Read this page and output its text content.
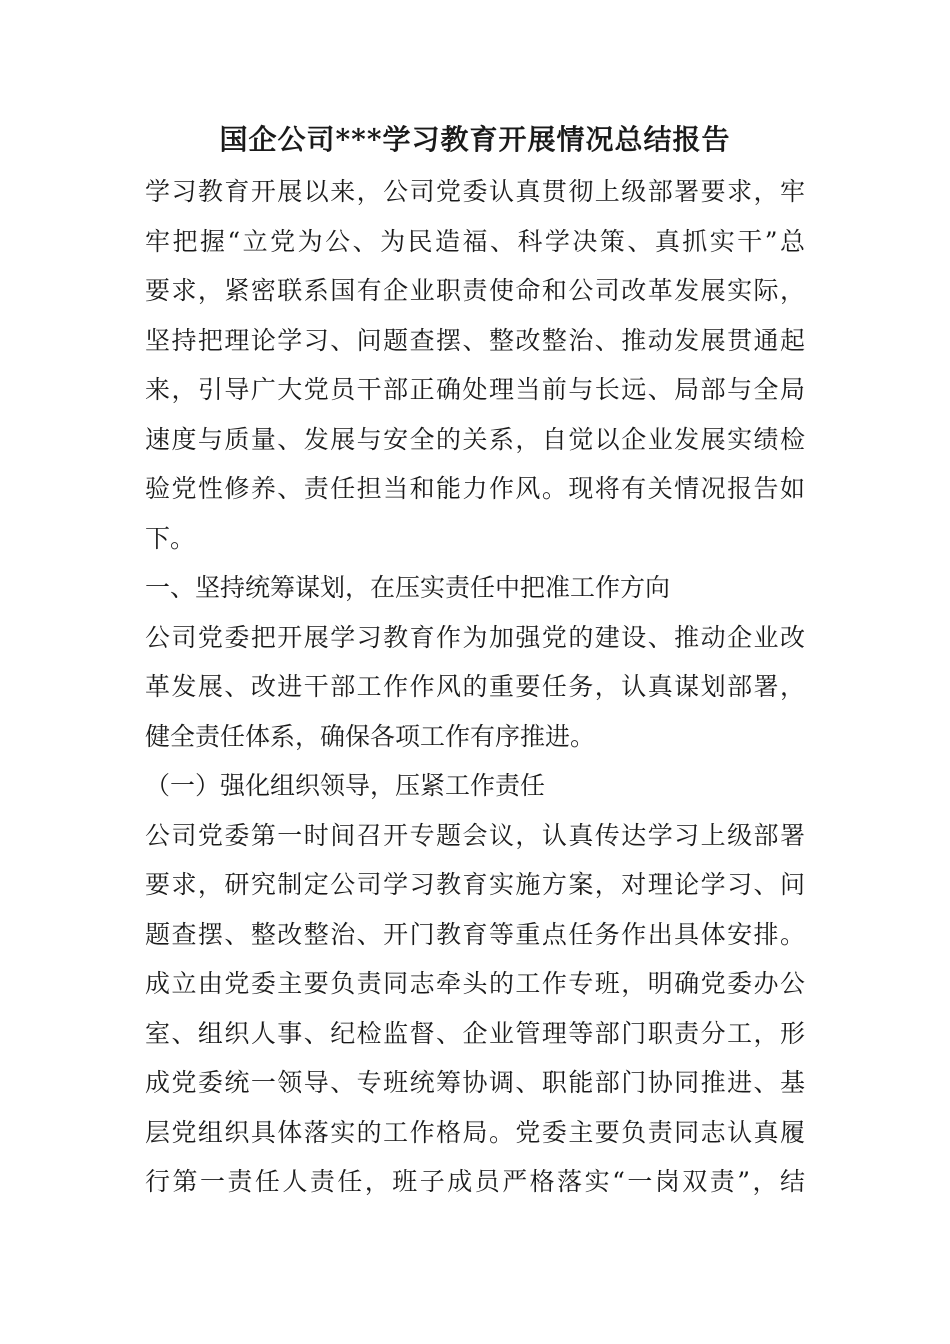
国企公司***学习教育开展情况总结报告
学习教育开展以来，公司党委认真贯彻上级部署要求，牢
牢把握“立党为公、为民造福、科学决策、真抓实干”总
要求，紧密联系国有企业职责使命和公司改革发展实际，
坚持把理论学习、问题查摆、整改整治、推动发展贯通起
来，引导广大党员干部正确处理当前与长远、局部与全局
速度与质量、发展与安全的关系，自觉以企业发展实绩检
验党性修养、责任担当和能力作风。现将有关情况报告如
下。
一、坚持统筹谋划，在压实责任中把准工作方向
公司党委把开展学习教育作为加强党的建设、推动企业改
革发展、改进干部工作作风的重要任务，认真谋划部署，
健全责任体系，确保各项工作有序推进。
（一）强化组织领导，压紧工作责任
公司党委第一时间召开专题会议，认真传达学习上级部署
要求，研究制定公司学习教育实施方案，对理论学习、问
题查摆、整改整治、开门教育等重点任务作出具体安排。
成立由党委主要负责同志牵头的工作专班，明确党委办公
室、组织人事、纪检监督、企业管理等部门职责分工，形
成党委统一领导、专班统筹协调、职能部门协同推进、基
层党组织具体落实的工作格局。党委主要负责同志认真履
行第一责任人责任，班子成员严格落实“一岗双责”，结
